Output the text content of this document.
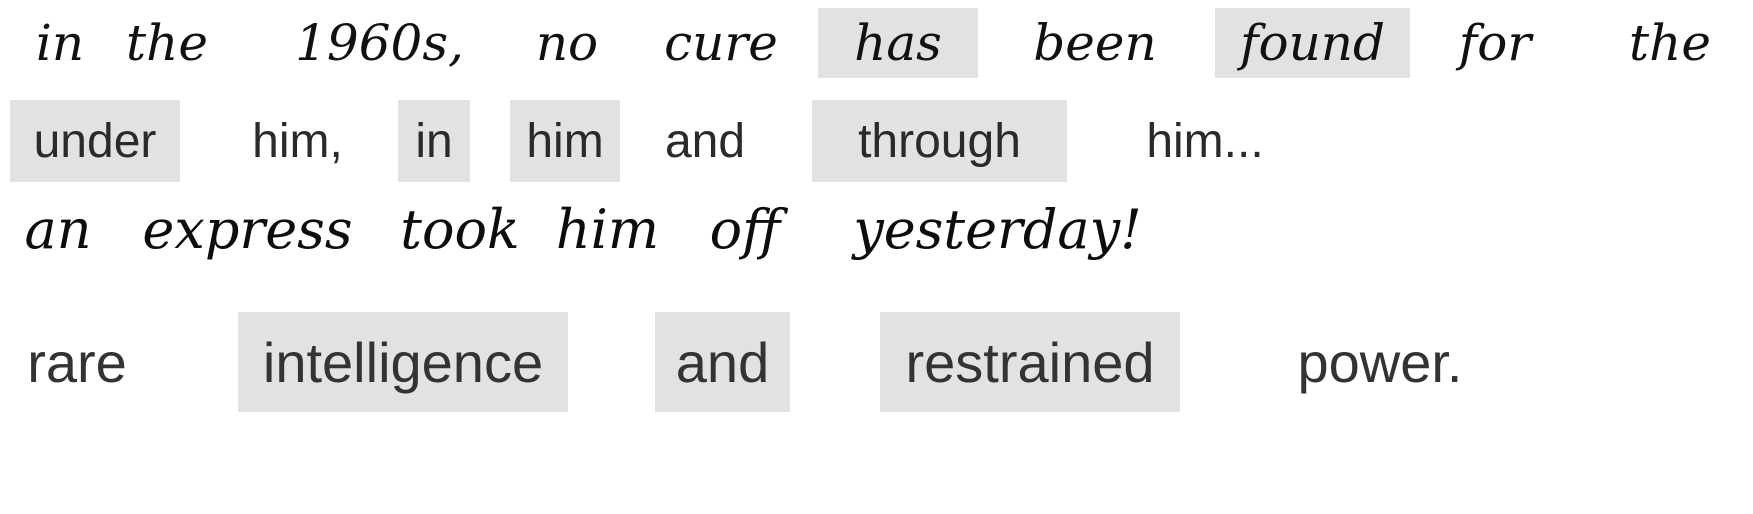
in the	1960s,	no	cure	has	been	found	for	the
under	him,	in	him	and	through	him...
an express took him off	yesterday!
rare	intelligence	and	restrained	power.
